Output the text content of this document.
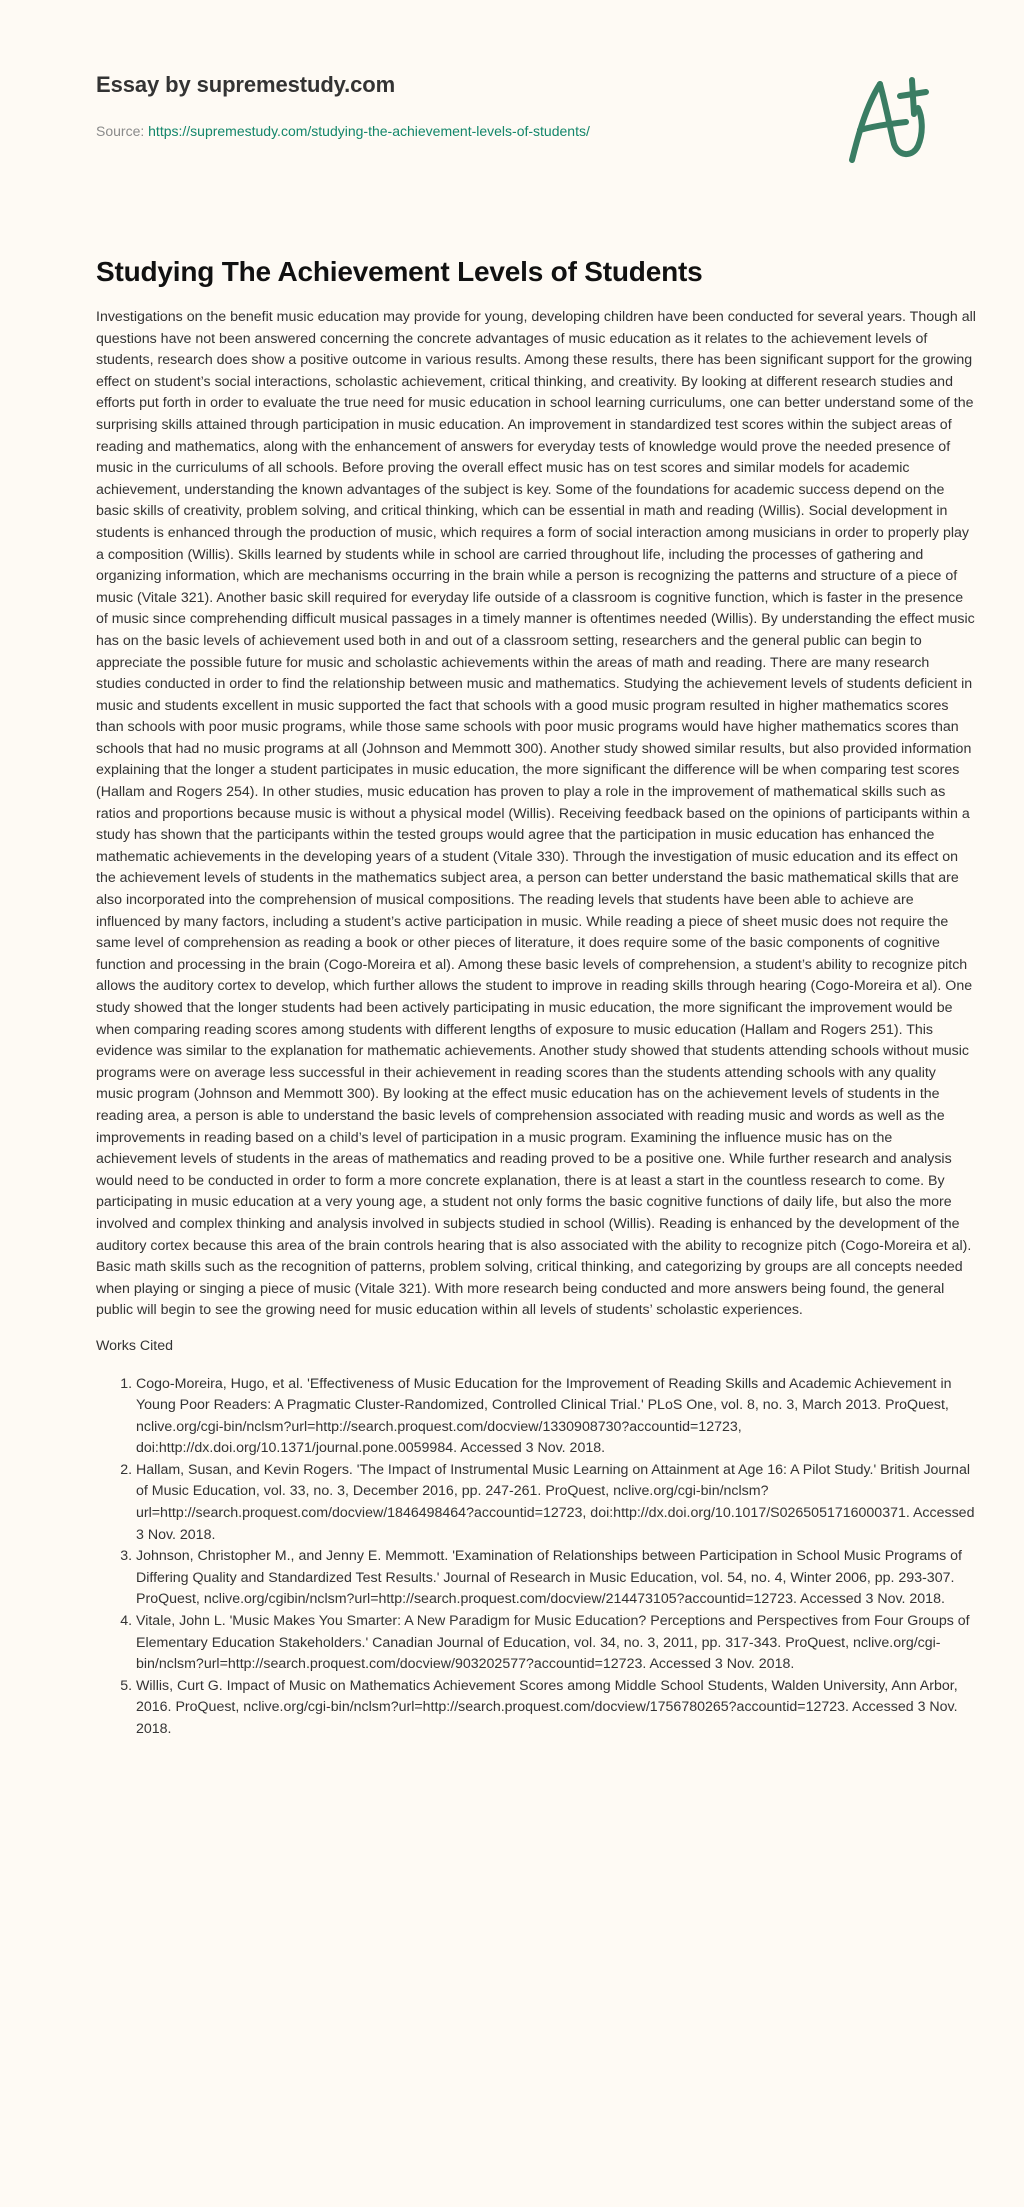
Essay by supremestudy.com
Source: https://supremestudy.com/studying-the-achievement-levels-of-students/
Studying The Achievement Levels of Students

Investigations on the benefit music education may provide for young, developing children have been conducted for several years. Though all questions have not been answered concerning the concrete advantages of music education as it relates to the achievement levels of students, research does show a positive outcome in various results. Among these results, there has been significant support for the growing effect on student’s social interactions, scholastic achievement, critical thinking, and creativity. By looking at different research studies and efforts put forth in order to evaluate the true need for music education in school learning curriculums, one can better understand some of the surprising skills attained through participation in music education. An improvement in standardized test scores within the subject areas of reading and mathematics, along with the enhancement of answers for everyday tests of knowledge would prove the needed presence of music in the curriculums of all schools. Before proving the overall effect music has on test scores and similar models for academic achievement, understanding the known advantages of the subject is key. Some of the foundations for academic success depend on the basic skills of creativity, problem solving, and critical thinking, which can be essential in math and reading (Willis). Social development in students is enhanced through the production of music, which requires a form of social interaction among musicians in order to properly play a composition (Willis). Skills learned by students while in school are carried throughout life, including the processes of gathering and organizing information, which are mechanisms occurring in the brain while a person is recognizing the patterns and structure of a piece of music (Vitale 321). Another basic skill required for everyday life outside of a classroom is cognitive function, which is faster in the presence of music since comprehending difficult musical passages in a timely manner is oftentimes needed (Willis). By understanding the effect music has on the basic levels of achievement used both in and out of a classroom setting, researchers and the general public can begin to appreciate the possible future for music and scholastic achievements within the areas of math and reading. There are many research studies conducted in order to find the relationship between music and mathematics. Studying the achievement levels of students deficient in music and students excellent in music supported the fact that schools with a good music program resulted in higher mathematics scores than schools with poor music programs, while those same schools with poor music programs would have higher mathematics scores than schools that had no music programs at all (Johnson and Memmott 300). Another study showed similar results, but also provided information explaining that the longer a student participates in music education, the more significant the difference will be when comparing test scores (Hallam and Rogers 254). In other studies, music education has proven to play a role in the improvement of mathematical skills such as ratios and proportions because music is without a physical model (Willis). Receiving feedback based on the opinions of participants within a study has shown that the participants within the tested groups would agree that the participation in music education has enhanced the mathematic achievements in the developing years of a student (Vitale 330). Through the investigation of music education and its effect on the achievement levels of students in the mathematics subject area, a person can better understand the basic mathematical skills that are also incorporated into the comprehension of musical compositions. The reading levels that students have been able to achieve are influenced by many factors, including a student’s active participation in music. While reading a piece of sheet music does not require the same level of comprehension as reading a book or other pieces of literature, it does require some of the basic components of cognitive function and processing in the brain (Cogo-Moreira et al). Among these basic levels of comprehension, a student’s ability to recognize pitch allows the auditory cortex to develop, which further allows the student to improve in reading skills through hearing (Cogo-Moreira et al). One study showed that the longer students had been actively participating in music education, the more significant the improvement would be when comparing reading scores among students with different lengths of exposure to music education (Hallam and Rogers 251). This evidence was similar to the explanation for mathematic achievements. Another study showed that students attending schools without music programs were on average less successful in their achievement in reading scores than the students attending schools with any quality music program (Johnson and Memmott 300). By looking at the effect music education has on the achievement levels of students in the reading area, a person is able to understand the basic levels of comprehension associated with reading music and words as well as the improvements in reading based on a child’s level of participation in a music program. Examining the influence music has on the achievement levels of students in the areas of mathematics and reading proved to be a positive one. While further research and analysis would need to be conducted in order to form a more concrete explanation, there is at least a start in the countless research to come. By participating in music education at a very young age, a student not only forms the basic cognitive functions of daily life, but also the more involved and complex thinking and analysis involved in subjects studied in school (Willis). Reading is enhanced by the development of the auditory cortex because this area of the brain controls hearing that is also associated with the ability to recognize pitch (Cogo-Moreira et al). Basic math skills such as the recognition of patterns, problem solving, critical thinking, and categorizing by groups are all concepts needed when playing or singing a piece of music (Vitale 321). With more research being conducted and more answers being found, the general public will begin to see the growing need for music education within all levels of students’ scholastic experiences.

Works Cited

1. Cogo-Moreira, Hugo, et al. 'Effectiveness of Music Education for the Improvement of Reading Skills and Academic Achievement in Young Poor Readers: A Pragmatic Cluster-Randomized, Controlled Clinical Trial.' PLoS One, vol. 8, no. 3, March 2013. ProQuest, nclive.org/cgi-bin/nclsm?url=http://search.proquest.com/docview/1330908730?accountid=12723, doi:http://dx.doi.org/10.1371/journal.pone.0059984. Accessed 3 Nov. 2018.
2. Hallam, Susan, and Kevin Rogers. 'The Impact of Instrumental Music Learning on Attainment at Age 16: A Pilot Study.' British Journal of Music Education, vol. 33, no. 3, December 2016, pp. 247-261. ProQuest, nclive.org/cgi-bin/nclsm?url=http://search.proquest.com/docview/1846498464?accountid=12723, doi:http://dx.doi.org/10.1017/S0265051716000371. Accessed 3 Nov. 2018.
3. Johnson, Christopher M., and Jenny E. Memmott. 'Examination of Relationships between Participation in School Music Programs of Differing Quality and Standardized Test Results.' Journal of Research in Music Education, vol. 54, no. 4, Winter 2006, pp. 293-307. ProQuest, nclive.org/cgibin/nclsm?url=http://search.proquest.com/docview/214473105?accountid=12723. Accessed 3 Nov. 2018.
4. Vitale, John L. 'Music Makes You Smarter: A New Paradigm for Music Education? Perceptions and Perspectives from Four Groups of Elementary Education Stakeholders.' Canadian Journal of Education, vol. 34, no. 3, 2011, pp. 317-343. ProQuest, nclive.org/cgi-bin/nclsm?url=http://search.proquest.com/docview/903202577?accountid=12723. Accessed 3 Nov. 2018.
5. Willis, Curt G. Impact of Music on Mathematics Achievement Scores among Middle School Students, Walden University, Ann Arbor, 2016. ProQuest, nclive.org/cgi-bin/nclsm?url=http://search.proquest.com/docview/1756780265?accountid=12723. Accessed 3 Nov. 2018.
